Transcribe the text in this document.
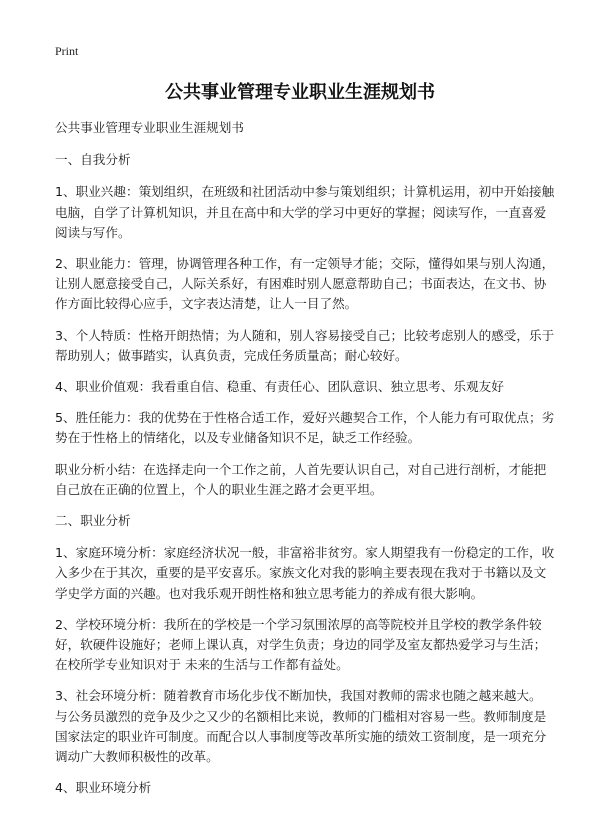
Print
公共事业管理专业职业生涯规划书

公共事业管理专业职业生涯规划书

一、自我分析

1、职业兴趣：策划组织，在班级和社团活动中参与策划组织；计算机运用，初中开始接触电脑，自学了计算机知识，并且在高中和大学的学习中更好的掌握；阅读写作，一直喜爱阅读与写作。

2、职业能力：管理，协调管理各种工作，有一定领导才能；交际，懂得如果与别人沟通，让别人愿意接受自己，人际关系好，有困难时别人愿意帮助自己；书面表达，在文书、协作方面比较得心应手，文字表达清楚，让人一目了然。

3、个人特质：性格开朗热情；为人随和，别人容易接受自己；比较考虑别人的感受，乐于帮助别人；做事踏实，认真负责，完成任务质量高；耐心较好。

4、职业价值观：我看重自信、稳重、有责任心、团队意识、独立思考、乐观友好

5、胜任能力：我的优势在于性格合适工作，爱好兴趣契合工作，个人能力有可取优点；劣势在于性格上的情绪化，以及专业储备知识不足，缺乏工作经验。

职业分析小结：在选择走向一个工作之前，人首先要认识自己，对自己进行剖析，才能把自己放在正确的位置上，个人的职业生涯之路才会更平坦。

二、职业分析

1、家庭环境分析：家庭经济状况一般，非富裕非贫穷。家人期望我有一份稳定的工作，收入多少在于其次，重要的是平安喜乐。家族文化对我的影响主要表现在我对于书籍以及文学史学方面的兴趣。也对我乐观开朗性格和独立思考能力的养成有很大影响。

2、学校环境分析：我所在的学校是一个学习氛围浓厚的高等院校并且学校的教学条件较好，软硬件设施好；老师上课认真，对学生负责；身边的同学及室友都热爱学习与生活；在校所学专业知识对于 未来的生活与工作都有益处。

3、社会环境分析：随着教育市场化步伐不断加快，我国对教师的需求也随之越来越大。 与公务员激烈的竞争及少之又少的名额相比来说，教师的门槛相对容易一些。教师制度是国家法定的职业许可制度。而配合以人事制度等改革所实施的绩效工资制度，是一项充分调动广大教师积极性的改革。

4、职业环境分析
